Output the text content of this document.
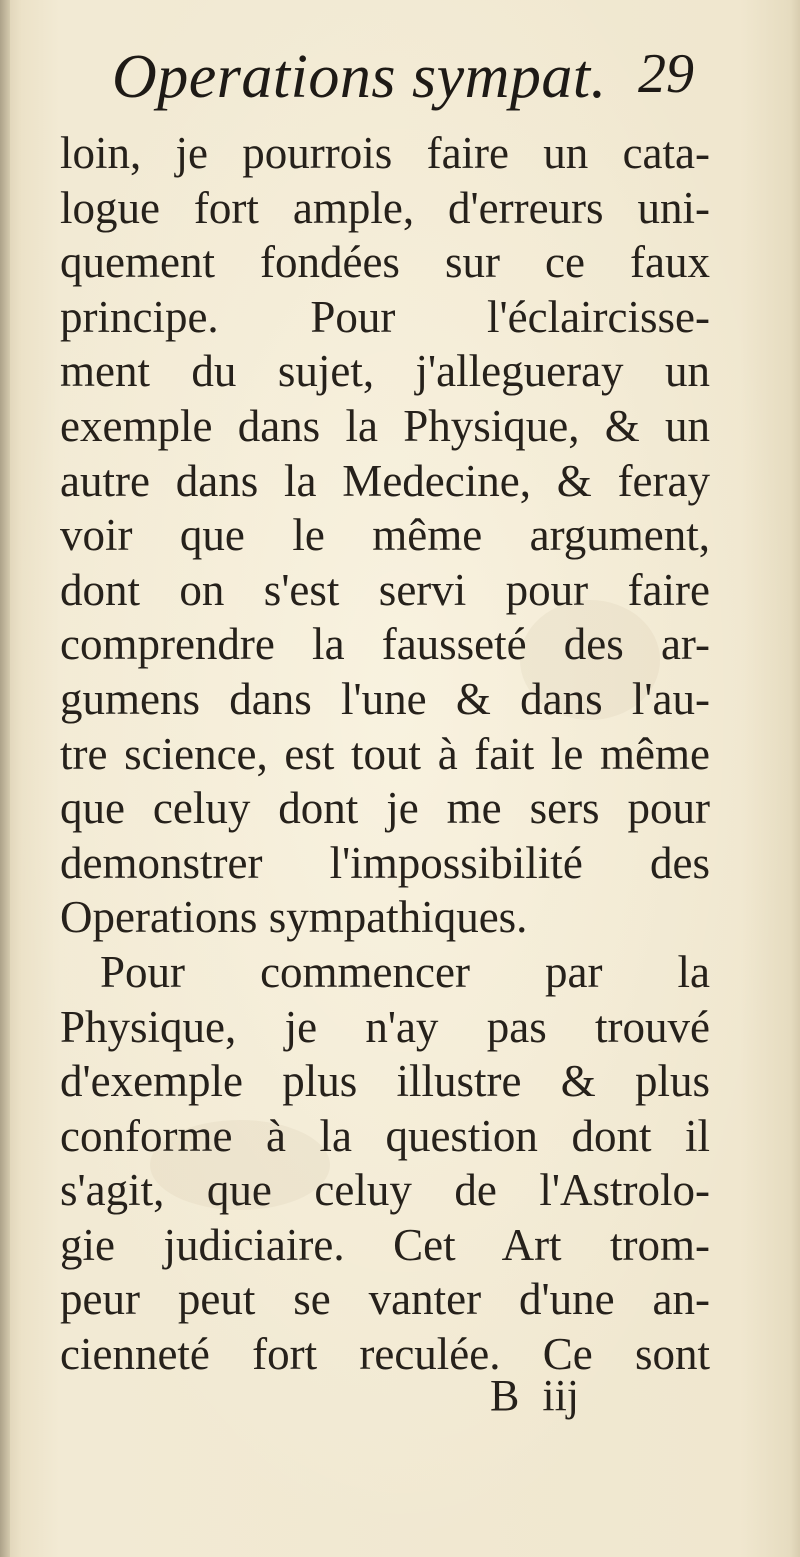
Operations sympat. 29
loin, je pourrois faire un cata-
logue fort ample, d'erreurs uni-
quement fondées sur ce faux
principe. Pour l'éclaircisse-
ment du sujet, j'allegueray un
exemple dans la Physique, & un
autre dans la Medecine, & feray
voir que le même argument,
dont on s'est servi pour faire
comprendre la fausseté des ar-
gumens dans l'une & dans l'au-
tre science, est tout à fait le même
que celuy dont je me sers pour
demonstrer l'impossibilité des
Operations sympathiques.
Pour commencer par la
Physique, je n'ay pas trouvé
d'exemple plus illustre & plus
conforme à la question dont il
s'agit, que celuy de l'Astrolo-
gie judiciaire. Cet Art trom-
peur peut se vanter d'une an-
cienneté fort reculée. Ce sont
B iij
